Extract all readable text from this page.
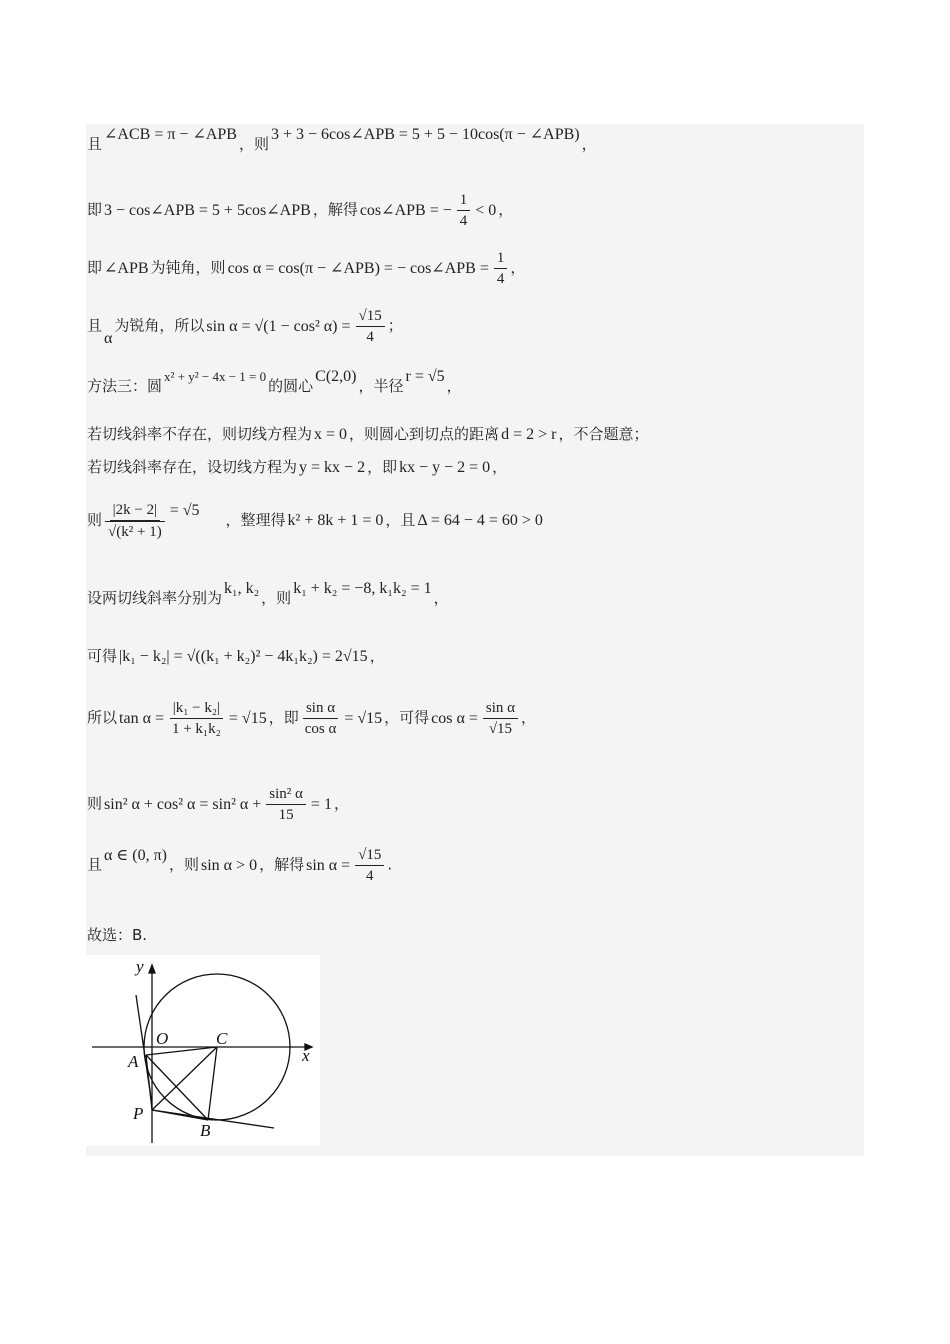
且∠ACB = π − ∠APB，则3 + 3 − 6cos∠APB = 5 + 5 − 10cos(π − ∠APB)，
即 3 − cos∠APB = 5 + 5cos∠APB ，解得 cos∠APB = − $\frac{1}{4} < 0$ ，
即 ∠APB 为钝角，则 cos α = cos(π − ∠APB) = − cos∠APB = $\frac{1}{4}$ ，
且α为锐角，所以 sin α = √(1 − cos² $\alpha) = \frac{√15}{4}$ ；
方法三：圆x² + y² − 4x − 1 = 0的圆心C(2,0)，半径r = √5，
若切线斜率不存在，则切线方程为 x = 0 ，则圆心到切点的距离 d = 2 > r ，不合题意；
若切线斜率存在，设切线方程为 y = kx − 2 ，即 kx − y − 2 = 0 ，
则 $\frac{|2k - 2|}{\text{√(k² + 1)}} = √5$，整理得 k² + 8k + 1 = 0 ，且 Δ = 64 − 4 = 60 > 0
设两切线斜率分别为k₁, k₂，则k₁ + k₂ = −8, k₁k₂ = 1，
可得 |k₁ − k₂| = √((k₁ + k₂)² − 4k₁k₂) = 2√15 ，
所以 $\tan \alpha = \frac{\text{|k₁ − k₂|}}{\text{1 + k₁k₂}} = √15$ ，即 $\frac{\text{sin α}}{\text{cos α}} = √15$ ，可得 $\cos \alpha = \frac{\text{sin α}}{√15}$ ，
则 sin² α + cos² α = sin² $\alpha + \frac{\text{sin² α}}{15} = 1$ ，
且α ∈ (0, π)，则 sin α > 0 ，解得 $\sin \alpha = \frac{√15}{4}$ .
故选：B.
y
x
O	C
A
P
B
